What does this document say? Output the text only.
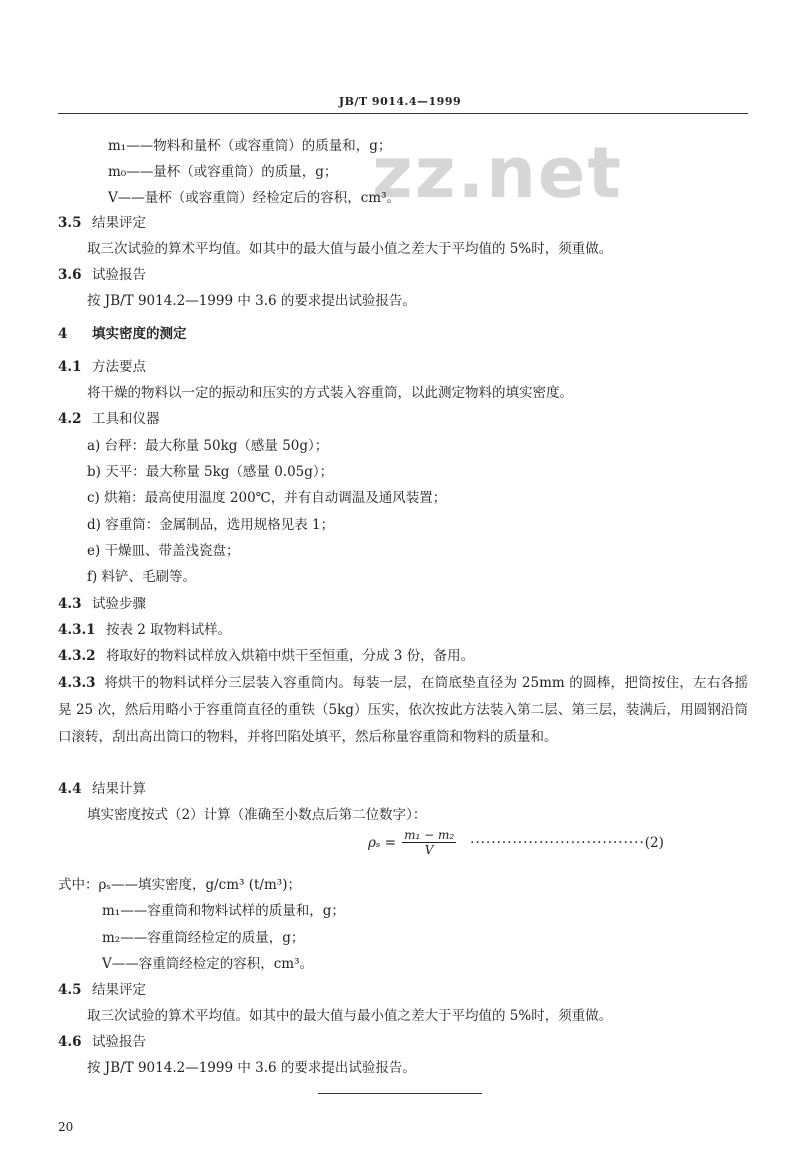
JB/T 9014.4—1999
zz.net
m₁——物料和量杯（或容重筒）的质量和，g；
m₀——量杯（或容重筒）的质量，g；
V——量杯（或容重筒）经检定后的容积，cm³。
3.5 结果评定
取三次试验的算术平均值。如其中的最大值与最小值之差大于平均值的 5%时，须重做。
3.6 试验报告
按 JB/T 9014.2—1999 中 3.6 的要求提出试验报告。
4 填实密度的测定
4.1 方法要点
将干燥的物料以一定的振动和压实的方式装入容重筒，以此测定物料的填实密度。
4.2 工具和仪器
a) 台秤：最大称量 50kg（感量 50g）；
b) 天平：最大称量 5kg（感量 0.05g）；
c) 烘箱：最高使用温度 200℃，并有自动调温及通风装置；
d) 容重筒：金属制品，选用规格见表 1；
e) 干燥皿、带盖浅瓷盘；
f) 料铲、毛刷等。
4.3 试验步骤
4.3.1 按表 2 取物料试样。
4.3.2 将取好的物料试样放入烘箱中烘干至恒重，分成 3 份，备用。
4.3.3 将烘干的物料试样分三层装入容重筒内。每装一层，在筒底垫直径为 25mm 的圆棒，把筒按住，左右各摇晃 25 次，然后用略小于容重筒直径的重铁（5kg）压实，依次按此方法装入第二层、第三层，装满后，用圆钢沿筒口滚转，刮出高出筒口的物料，并将凹陷处填平，然后称量容重筒和物料的质量和。
4.4 结果计算
填实密度按式（2）计算（准确至小数点后第二位数字）：
$\rho_s = \frac{\text{m₁ − m₂}}{V}$ ································· (2)
式中：ρₛ——填实密度，g/cm³ (t/m³)；
m₁——容重筒和物料试样的质量和，g；
m₂——容重筒经检定的质量，g；
V——容重筒经检定的容积，cm³。
4.5 结果评定
取三次试验的算术平均值。如其中的最大值与最小值之差大于平均值的 5%时，须重做。
4.6 试验报告
按 JB/T 9014.2—1999 中 3.6 的要求提出试验报告。
20
